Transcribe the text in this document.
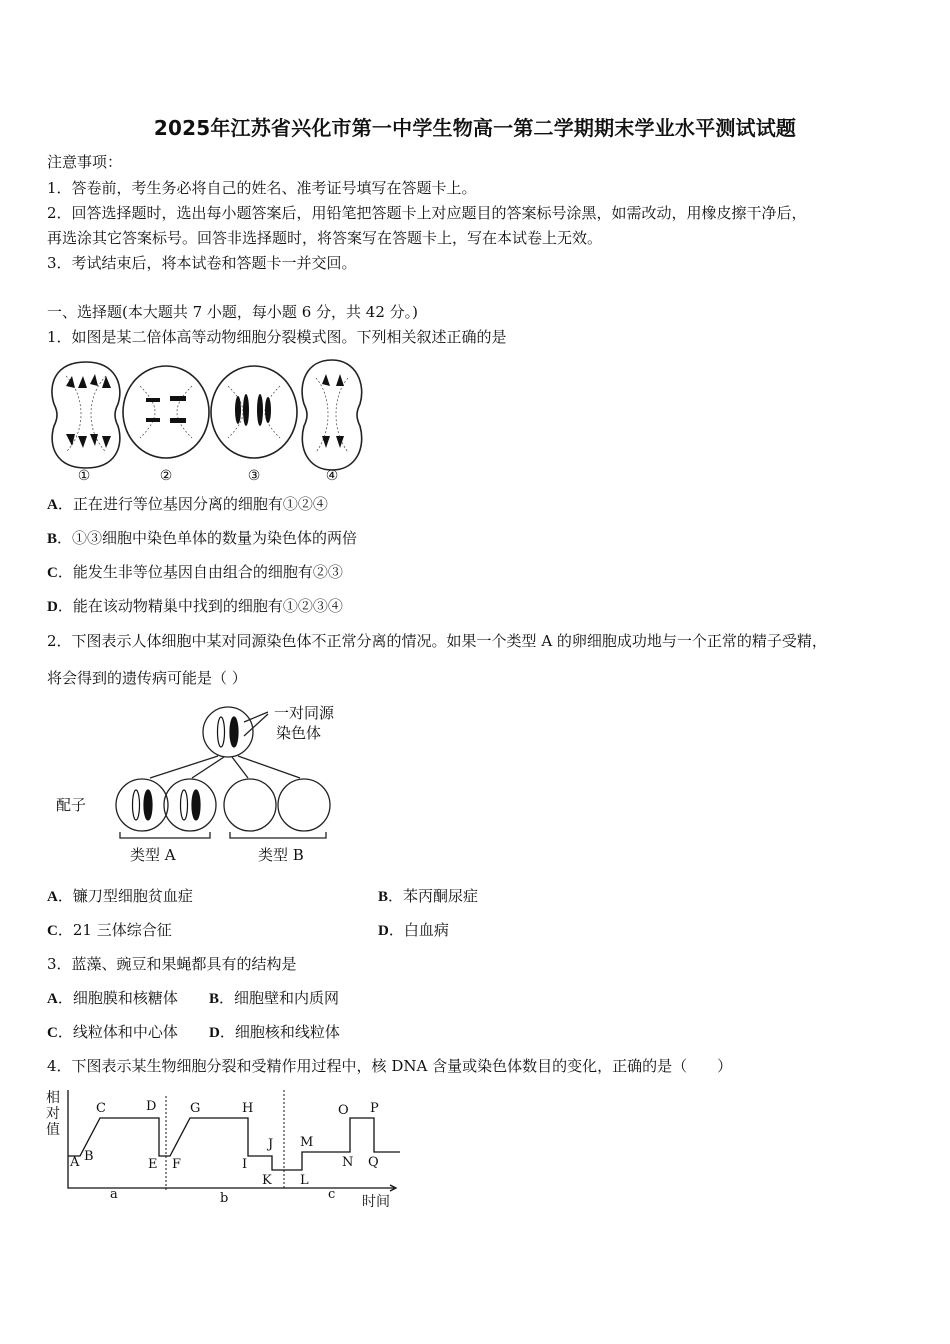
2025年江苏省兴化市第一中学生物高一第二学期期末学业水平测试试题
注意事项：
1．答卷前，考生务必将自己的姓名、准考证号填写在答题卡上。
2．回答选择题时，选出每小题答案后，用铅笔把答题卡上对应题目的答案标号涂黑，如需改动，用橡皮擦干净后，
再选涂其它答案标号。回答非选择题时，将答案写在答题卡上，写在本试卷上无效。
3．考试结束后，将本试卷和答题卡一并交回。
一、选择题(本大题共 7 小题，每小题 6 分，共 42 分。)
1．如图是某二倍体高等动物细胞分裂模式图。下列相关叙述正确的是
①	②	③	④
A．正在进行等位基因分离的细胞有①②④
B．①③细胞中染色单体的数量为染色体的两倍
C．能发生非等位基因自由组合的细胞有②③
D．能在该动物精巢中找到的细胞有①②③④
2．下图表示人体细胞中某对同源染色体不正常分离的情况。如果一个类型 A 的卵细胞成功地与一个正常的精子受精，
将会得到的遗传病可能是（ ）
一对同源
染色体
配子
类型 A	类型 B
A．镰刀型细胞贫血症	B．苯丙酮尿症
C．21 三体综合征	D．白血病
3．蓝藻、豌豆和果蝇都具有的结构是
A．细胞膜和核糖体 B．细胞壁和内质网
C．线粒体和中心体 D．细胞核和线粒体
4．下图表示某生物细胞分裂和受精作用过程中，核 DNA 含量或染色体数目的变化，正确的是（　　）
相
对
值
时间
A B
C	D
E F
G	H
I
J
K L
M
N
O P
Q
a	b	c
